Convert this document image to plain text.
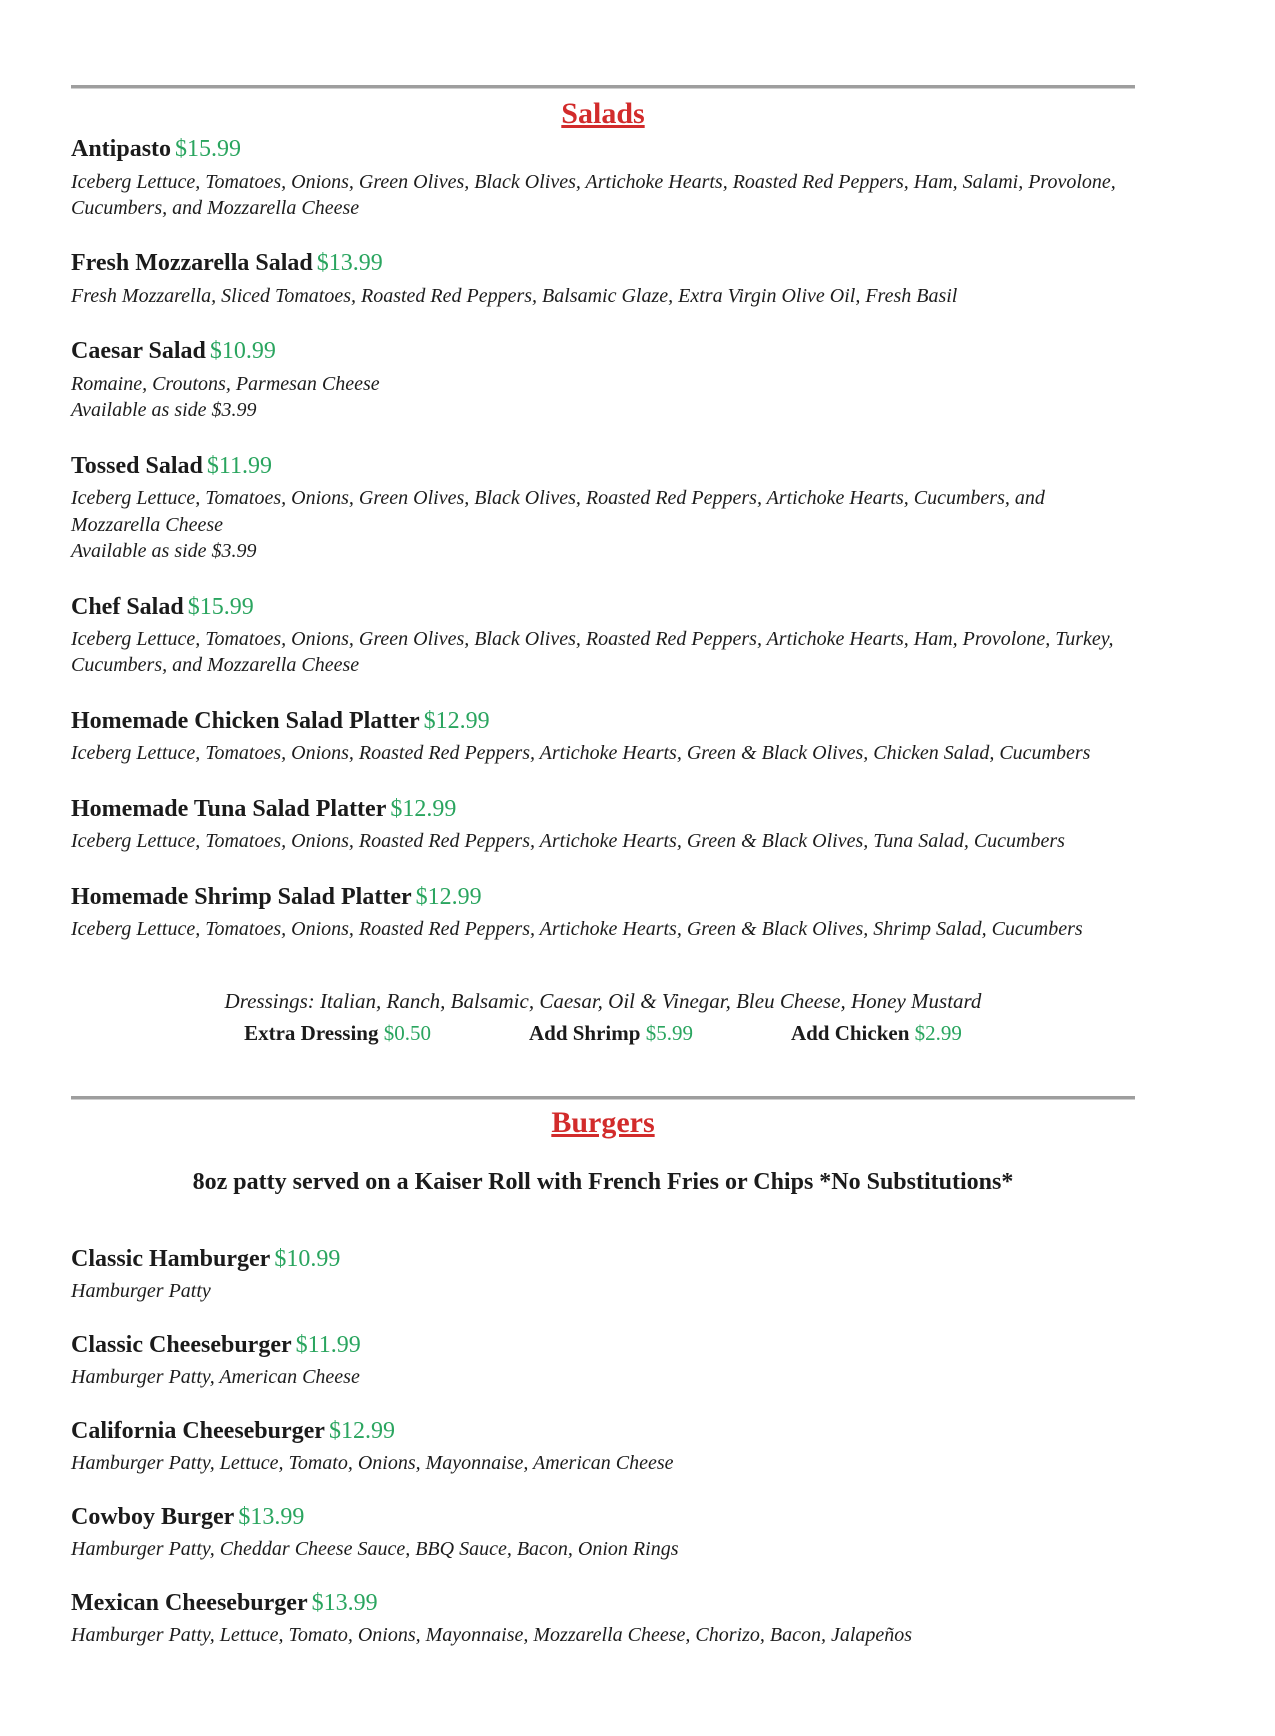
Salads
Antipasto $15.99
Iceberg Lettuce, Tomatoes, Onions, Green Olives, Black Olives, Artichoke Hearts, Roasted Red Peppers, Ham, Salami, Provolone, Cucumbers, and Mozzarella Cheese
Fresh Mozzarella Salad $13.99
Fresh Mozzarella, Sliced Tomatoes, Roasted Red Peppers, Balsamic Glaze, Extra Virgin Olive Oil, Fresh Basil
Caesar Salad $10.99
Romaine, Croutons, Parmesan Cheese
Available as side $3.99
Tossed Salad $11.99
Iceberg Lettuce, Tomatoes, Onions, Green Olives, Black Olives, Roasted Red Peppers, Artichoke Hearts, Cucumbers, and Mozzarella Cheese
Available as side $3.99
Chef Salad $15.99
Iceberg Lettuce, Tomatoes, Onions, Green Olives, Black Olives, Roasted Red Peppers, Artichoke Hearts, Ham, Provolone, Turkey, Cucumbers, and Mozzarella Cheese
Homemade Chicken Salad Platter $12.99
Iceberg Lettuce, Tomatoes, Onions, Roasted Red Peppers, Artichoke Hearts, Green & Black Olives, Chicken Salad, Cucumbers
Homemade Tuna Salad Platter $12.99
Iceberg Lettuce, Tomatoes, Onions, Roasted Red Peppers, Artichoke Hearts, Green & Black Olives, Tuna Salad, Cucumbers
Homemade Shrimp Salad Platter $12.99
Iceberg Lettuce, Tomatoes, Onions, Roasted Red Peppers, Artichoke Hearts, Green & Black Olives, Shrimp Salad, Cucumbers
Dressings: Italian, Ranch, Balsamic, Caesar, Oil & Vinegar, Bleu Cheese, Honey Mustard
Extra Dressing $0.50	Add Shrimp $5.99	Add Chicken $2.99
Burgers
8oz patty served on a Kaiser Roll with French Fries or Chips *No Substitutions*
Classic Hamburger $10.99
Hamburger Patty
Classic Cheeseburger $11.99
Hamburger Patty, American Cheese
California Cheeseburger $12.99
Hamburger Patty, Lettuce, Tomato, Onions, Mayonnaise, American Cheese
Cowboy Burger $13.99
Hamburger Patty, Cheddar Cheese Sauce, BBQ Sauce, Bacon, Onion Rings
Mexican Cheeseburger $13.99
Hamburger Patty, Lettuce, Tomato, Onions, Mayonnaise, Mozzarella Cheese, Chorizo, Bacon, Jalapeños
